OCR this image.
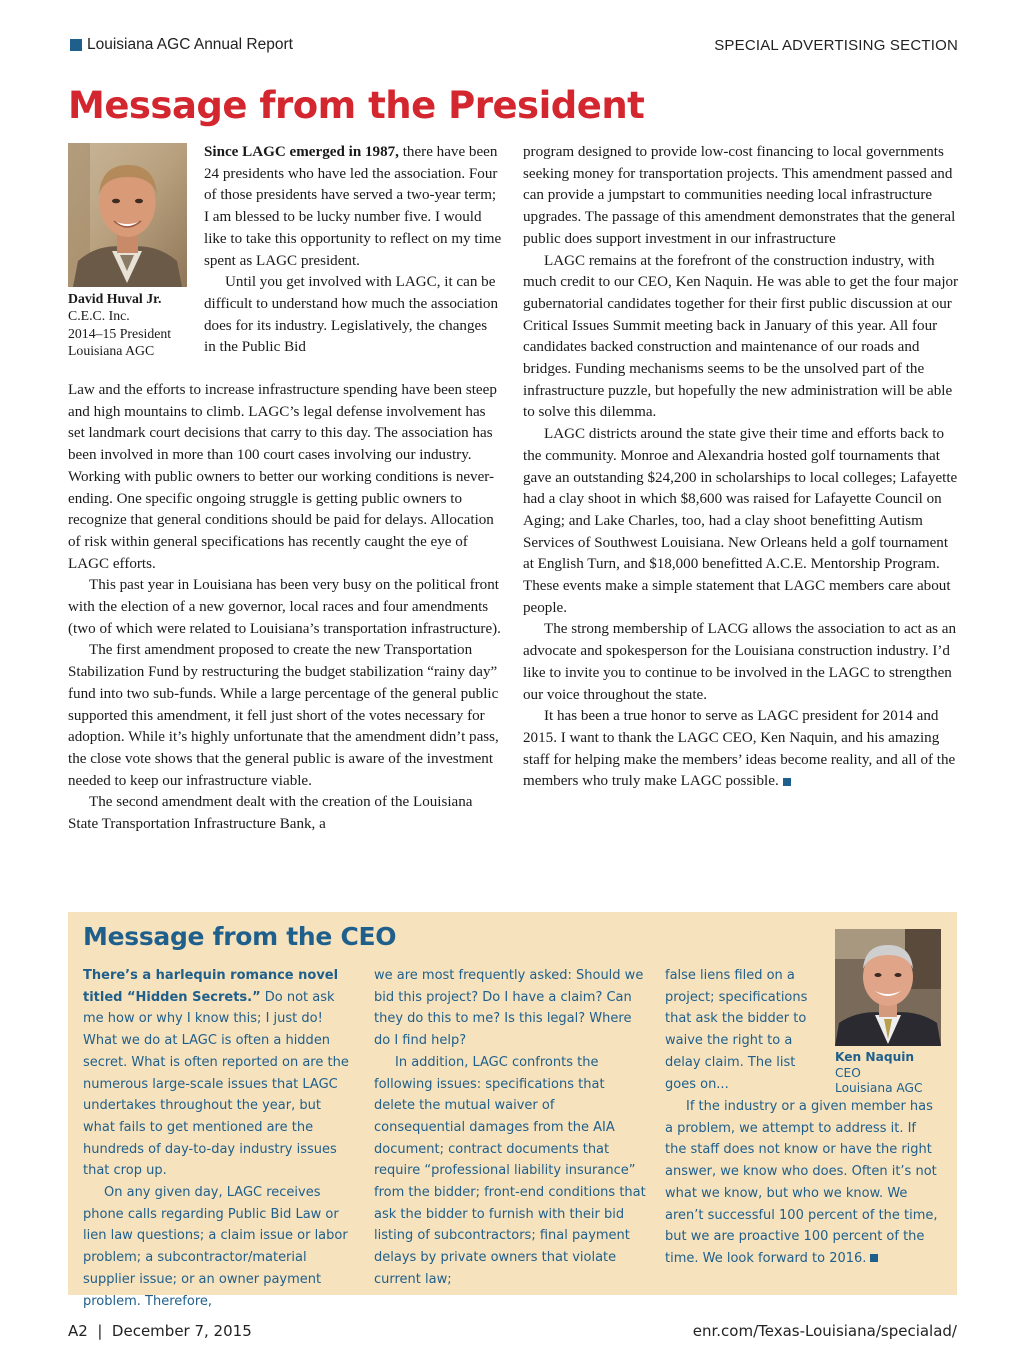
Louisiana AGC Annual Report	SPECIAL ADVERTISING SECTION
Message from the President
David Huval Jr.
C.E.C. Inc.
2014–15 President
Louisiana AGC

Since LAGC emerged in 1987, there have been 24 presidents who have led the association. Four of those presidents have served a two-year term; I am blessed to be lucky number five. I would like to take this opportunity to reflect on my time spent as LAGC president.

Until you get involved with LAGC, it can be difficult to understand how much the association does for its industry. Legislatively, the changes in the Public Bid

Law and the efforts to increase infrastructure spending have been steep and high mountains to climb. LAGC’s legal defense involvement has set landmark court decisions that carry to this day. The association has been involved in more than 100 court cases involving our industry. Working with public owners to better our working conditions is never-ending. One specific ongoing struggle is getting public owners to recognize that general conditions should be paid for delays. Allocation of risk within general specifications has recently caught the eye of LAGC efforts.

This past year in Louisiana has been very busy on the political front with the election of a new governor, local races and four amendments (two of which were related to Louisiana’s transportation infrastructure).

The first amendment proposed to create the new Transportation Stabilization Fund by restructuring the budget stabilization “rainy day” fund into two sub-funds. While a large percentage of the general public supported this amendment, it fell just short of the votes necessary for adoption. While it’s highly unfortunate that the amendment didn’t pass, the close vote shows that the general public is aware of the investment needed to keep our infrastructure viable.

The second amendment dealt with the creation of the Louisiana State Transportation Infrastructure Bank, a

program designed to provide low-cost financing to local governments seeking money for transportation projects. This amendment passed and can provide a jumpstart to communities needing local infrastructure upgrades. The passage of this amendment demonstrates that the general public does support investment in our infrastructure

LAGC remains at the forefront of the construction industry, with much credit to our CEO, Ken Naquin. He was able to get the four major gubernatorial candidates together for their first public discussion at our Critical Issues Summit meeting back in January of this year. All four candidates backed construction and maintenance of our roads and bridges. Funding mechanisms seems to be the unsolved part of the infrastructure puzzle, but hopefully the new administration will be able to solve this dilemma.

LAGC districts around the state give their time and efforts back to the community. Monroe and Alexandria hosted golf tournaments that gave an outstanding $24,200 in scholarships to local colleges; Lafayette had a clay shoot in which $8,600 was raised for Lafayette Council on Aging; and Lake Charles, too, had a clay shoot benefitting Autism Services of Southwest Louisiana. New Orleans held a golf tournament at English Turn, and $18,000 benefitted A.C.E. Mentorship Program. These events make a simple statement that LAGC members care about people.

The strong membership of LACG allows the association to act as an advocate and spokesperson for the Louisiana construction industry. I’d like to invite you to continue to be involved in the LAGC to strengthen our voice throughout the state.

It has been a true honor to serve as LAGC president for 2014 and 2015. I want to thank the LAGC CEO, Ken Naquin, and his amazing staff for helping make the members’ ideas become reality, and all of the members who truly make LAGC possible.

Message from the CEO

There’s a harlequin romance novel titled “Hidden Secrets.” Do not ask me how or why I know this; I just do! What we do at LAGC is often a hidden secret. What is often reported on are the numerous large-scale issues that LAGC undertakes throughout the year, but what fails to get mentioned are the hundreds of day-to-day industry issues that crop up.

On any given day, LAGC receives phone calls regarding Public Bid Law or lien law questions; a claim issue or labor problem; a subcontractor/material supplier issue; or an owner payment problem. Therefore,

we are most frequently asked: Should we bid this project? Do I have a claim? Can they do this to me? Is this legal? Where do I find help?

In addition, LAGC confronts the following issues: specifications that delete the mutual waiver of consequential damages from the AIA document; contract documents that require “professional liability insurance” from the bidder; front-end conditions that ask the bidder to furnish with their bid listing of subcontractors; final payment delays by private owners that violate current law;

false liens filed on a project; specifications that ask the bidder to waive the right to a delay claim. The list goes on...

If the industry or a given member has a problem, we attempt to address it. If the staff does not know or have the right answer, we know who does. Often it’s not what we know, but who we know. We aren’t successful 100 percent of the time, but we are proactive 100 percent of the time. We look forward to 2016.

Ken Naquin
CEO
Louisiana AGC
A2  |  December 7, 2015	enr.com/Texas-Louisiana/specialad/
